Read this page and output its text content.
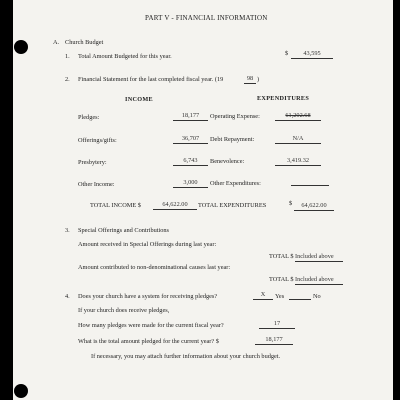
PART V - FINANCIAL INFORMATION
A. Church Budget
1. Total Amount Budgeted for this year.	$	43,595
2. Financial Statement for the last completed fiscal year. (19	98 )
INCOME	EXPENDITURES
Pledges:	18,177	Operating Expense:	61,202.68
Offerings/gifts:	36,707	Debt Repayment:	N/A
Presbytery:	6,743	Benevolence:	3,419.32
Other Income:	3,000	Other Expenditures:
TOTAL INCOME $	64,622.00	TOTAL EXPENDITURES	$	64,622.00
3. Special Offerings and Contributions
Amount received in Special Offerings during last year:
TOTAL $ Included above
Amount contributed to non-denominational causes last year:
TOTAL $ Included above
4. Does your church have a system for receiving pledges?	X	Yes	No
If your church does receive pledges,
How many pledges were made for the current fiscal year?	17
What is the total amount pledged for the current year? $	18,177
If necessary, you may attach further information about your church budget.
